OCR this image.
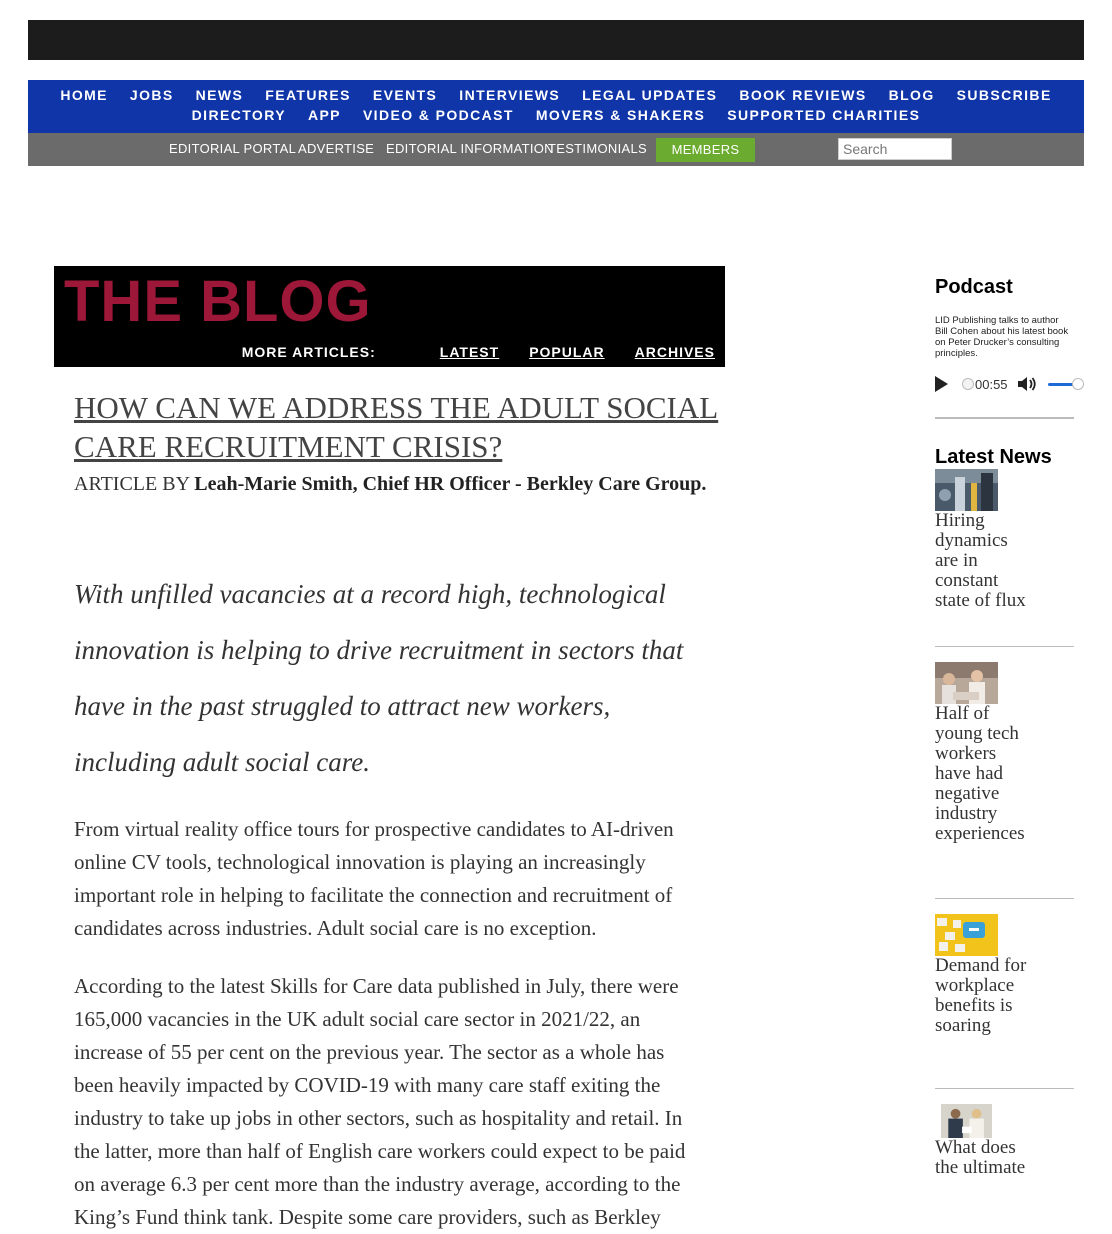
HOME JOBS NEWS FEATURES EVENTS INTERVIEWS LEGAL UPDATES BOOK REVIEWS BLOG SUBSCRIBE
DIRECTORY APP VIDEO & PODCAST MOVERS & SHAKERS SUPPORTED CHARITIES
EDITORIAL PORTAL ADVERTISE EDITORIAL INFORMATION
TESTIMONIALS	MEMBERS LOGIN
Search
THE BLOG
MORE ARTICLES:	LATEST POPULAR ARCHIVES
HOW CAN WE ADDRESS THE ADULT SOCIAL CARE RECRUITMENT CRISIS?
ARTICLE BY Leah-Marie Smith, Chief HR Officer - Berkley Care Group.

With unfilled vacancies at a record high, technological innovation is helping to drive recruitment in sectors that have in the past struggled to attract new workers, including adult social care.

From virtual reality office tours for prospective candidates to AI-driven online CV tools, technological innovation is playing an increasingly important role in helping to facilitate the connection and recruitment of candidates across industries. Adult social care is no exception.

According to the latest Skills for Care data published in July, there were 165,000 vacancies in the UK adult social care sector in 2021/22, an increase of 55 per cent on the previous year. The sector as a whole has been heavily impacted by COVID-19 with many care staff exiting the industry to take up jobs in other sectors, such as hospitality and retail. In the latter, more than half of English care workers could expect to be paid on average 6.3 per cent more than the industry average, according to the King’s Fund think tank. Despite some care providers, such as Berkley

Podcast
LID Publishing talks to author Bill Cohen about his latest book on Peter Drucker’s consulting principles.
00:55
Latest News
Hiring dynamics are in constant state of flux
Half of young tech workers have had negative industry experiences
Demand for workplace benefits is soaring
What does the ultimate
